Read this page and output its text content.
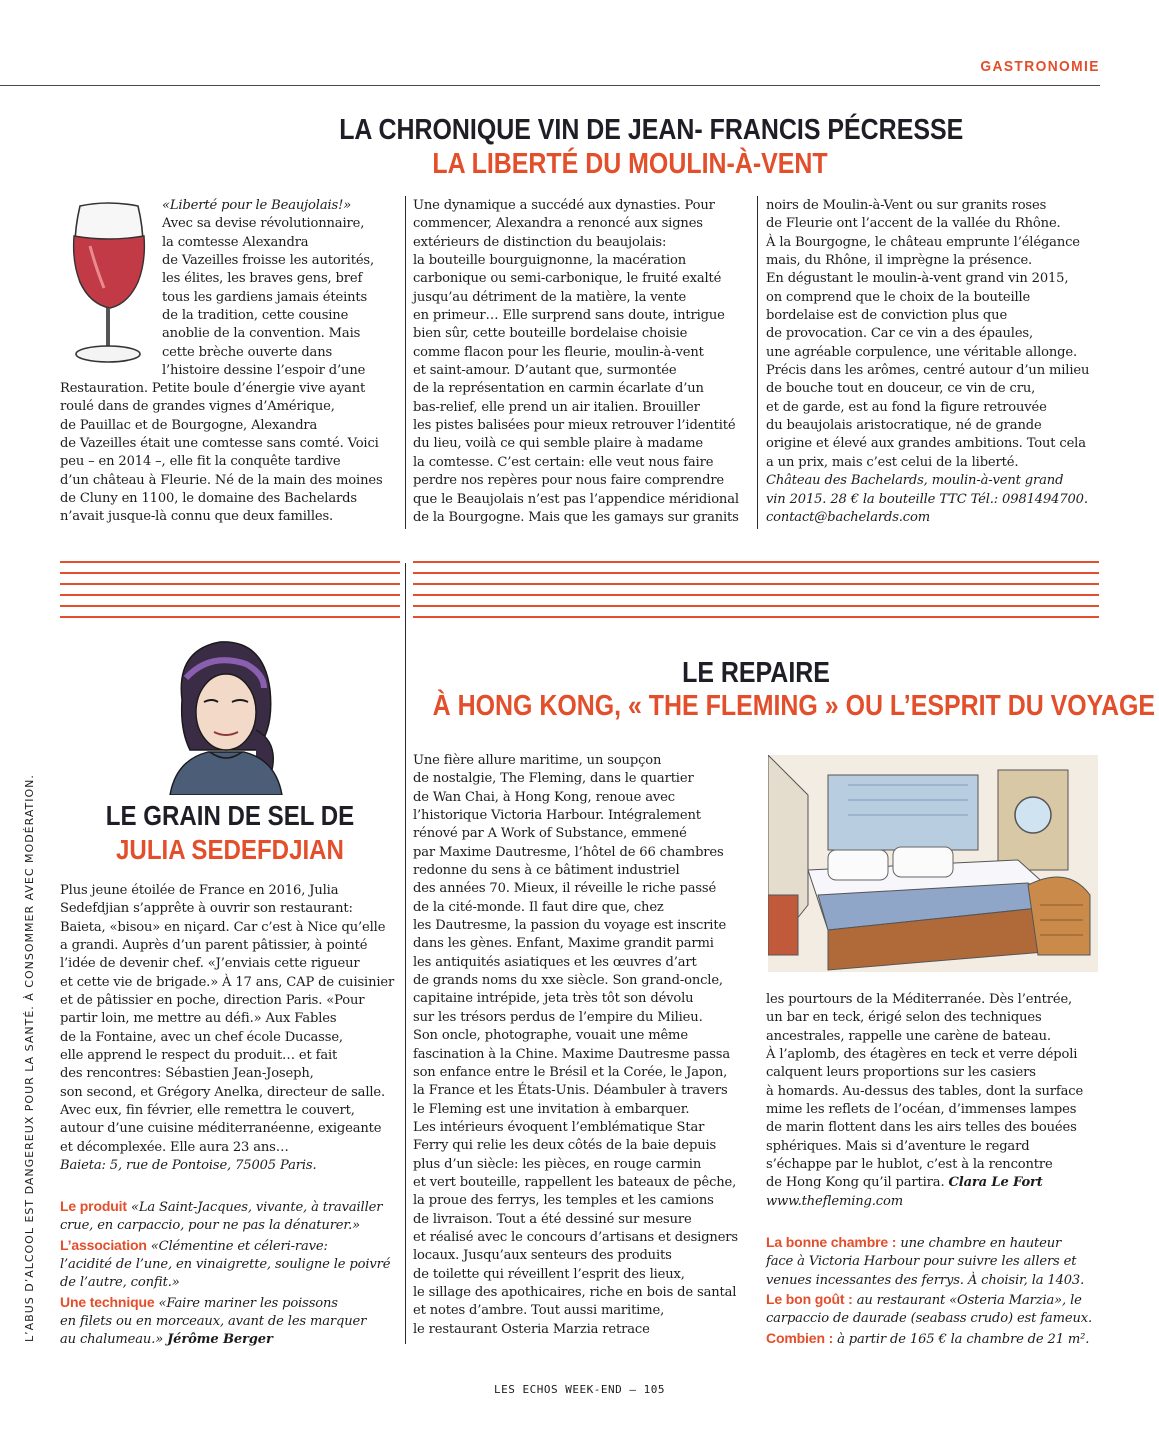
GASTRONOMIE
LA CHRONIQUE VIN DE JEAN- FRANCIS PÉCRESSE
LA LIBERTÉ DU MOULIN-À-VENT

«Liberté pour le Beaujolais!»

Avec sa devise révolutionnaire,

la comtesse Alexandra

de Vazeilles froisse les autorités,

les élites, les braves gens, bref

tous les gardiens jamais éteints

de la tradition, cette cousine

anoblie de la convention. Mais

cette brèche ouverte dans

l’histoire dessine l’espoir d’une

Restauration. Petite boule d’énergie vive ayant

roulé dans de grandes vignes d’Amérique,

de Pauillac et de Bourgogne, Alexandra

de Vazeilles était une comtesse sans comté. Voici

peu – en 2014 –, elle fit la conquête tardive

d’un château à Fleurie. Né de la main des moines

de Cluny en 1100, le domaine des Bachelards

n’avait jusque-là connu que deux familles.

Une dynamique a succédé aux dynasties. Pour

commencer, Alexandra a renoncé aux signes

extérieurs de distinction du beaujolais:

la bouteille bourguignonne, la macération

carbonique ou semi-carbonique, le fruité exalté

jusqu’au détriment de la matière, la vente

en primeur… Elle surprend sans doute, intrigue

bien sûr, cette bouteille bordelaise choisie

comme flacon pour les fleurie, moulin-à-vent

et saint-amour. D’autant que, surmontée

de la représentation en carmin écarlate d’un

bas-relief, elle prend un air italien. Brouiller

les pistes balisées pour mieux retrouver l’identité

du lieu, voilà ce qui semble plaire à madame

la comtesse. C’est certain: elle veut nous faire

perdre nos repères pour nous faire comprendre

que le Beaujolais n’est pas l’appendice méridional

de la Bourgogne. Mais que les gamays sur granits

noirs de Moulin-à-Vent ou sur granits roses

de Fleurie ont l’accent de la vallée du Rhône.

À la Bourgogne, le château emprunte l’élégance

mais, du Rhône, il imprègne la présence.

En dégustant le moulin-à-vent grand vin 2015,

on comprend que le choix de la bouteille

bordelaise est de conviction plus que

de provocation. Car ce vin a des épaules,

une agréable corpulence, une véritable allonge.

Précis dans les arômes, centré autour d’un milieu

de bouche tout en douceur, ce vin de cru,

et de garde, est au fond la figure retrouvée

du beaujolais aristocratique, né de grande

origine et élevé aux grandes ambitions. Tout cela

a un prix, mais c’est celui de la liberté.

Château des Bachelards, moulin-à-vent grand

vin 2015. 28 € la bouteille TTC Tél.: 0981494700.

contact@bachelards.com

LE GRAIN DE SEL DE
JULIA SEDEFDJIAN

Plus jeune étoilée de France en 2016, Julia

Sedefdjian s’apprête à ouvrir son restaurant:

Baieta, «bisou» en niçard. Car c’est à Nice qu’elle

a grandi. Auprès d’un parent pâtissier, à pointé

l’idée de devenir chef. «J’enviais cette rigueur

et cette vie de brigade.» À 17 ans, CAP de cuisinier

et de pâtissier en poche, direction Paris. «Pour

partir loin, me mettre au défi.» Aux Fables

de la Fontaine, avec un chef école Ducasse,

elle apprend le respect du produit… et fait

des rencontres: Sébastien Jean-Joseph,

son second, et Grégory Anelka, directeur de salle.

Avec eux, fin février, elle remettra le couvert,

autour d’une cuisine méditerranéenne, exigeante

et décomplexée. Elle aura 23 ans…

Baieta: 5, rue de Pontoise, 75005 Paris.

Le produit «La Saint-Jacques, vivante, à travailler

crue, en carpaccio, pour ne pas la dénaturer.»

L’association «Clémentine et céleri-rave:

l’acidité de l’une, en vinaigrette, souligne le poivré

de l’autre, confit.»

Une technique «Faire mariner les poissons

en filets ou en morceaux, avant de les marquer

au chalumeau.» Jérôme Berger

LE REPAIRE
À HONG KONG, « THE FLEMING » OU L’ESPRIT DU VOYAGE

Une fière allure maritime, un soupçon

de nostalgie, The Fleming, dans le quartier

de Wan Chai, à Hong Kong, renoue avec

l’historique Victoria Harbour. Intégralement

rénové par A Work of Substance, emmené

par Maxime Dautresme, l’hôtel de 66 chambres

redonne du sens à ce bâtiment industriel

des années 70. Mieux, il réveille le riche passé

de la cité-monde. Il faut dire que, chez

les Dautresme, la passion du voyage est inscrite

dans les gènes. Enfant, Maxime grandit parmi

les antiquités asiatiques et les œuvres d’art

de grands noms du xxe siècle. Son grand-oncle,

capitaine intrépide, jeta très tôt son dévolu

sur les trésors perdus de l’empire du Milieu.

Son oncle, photographe, vouait une même

fascination à la Chine. Maxime Dautresme passa

son enfance entre le Brésil et la Corée, le Japon,

la France et les États-Unis. Déambuler à travers

le Fleming est une invitation à embarquer.

Les intérieurs évoquent l’emblématique Star

Ferry qui relie les deux côtés de la baie depuis

plus d’un siècle: les pièces, en rouge carmin

et vert bouteille, rappellent les bateaux de pêche,

la proue des ferrys, les temples et les camions

de livraison. Tout a été dessiné sur mesure

et réalisé avec le concours d’artisans et designers

locaux. Jusqu’aux senteurs des produits

de toilette qui réveillent l’esprit des lieux,

le sillage des apothicaires, riche en bois de santal

et notes d’ambre. Tout aussi maritime,

le restaurant Osteria Marzia retrace

les pourtours de la Méditerranée. Dès l’entrée,

un bar en teck, érigé selon des techniques

ancestrales, rappelle une carène de bateau.

À l’aplomb, des étagères en teck et verre dépoli

calquent leurs proportions sur les casiers

à homards. Au-dessus des tables, dont la surface

mime les reflets de l’océan, d’immenses lampes

de marin flottent dans les airs telles des bouées

sphériques. Mais si d’aventure le regard

s’échappe par le hublot, c’est à la rencontre

de Hong Kong qu’il partira. Clara Le Fort

www.thefleming.com

La bonne chambre : une chambre en hauteur

face à Victoria Harbour pour suivre les allers et

venues incessantes des ferrys. À choisir, la 1403.

Le bon goût : au restaurant «Osteria Marzia», le

carpaccio de daurade (seabass crudo) est fameux.

Combien : à partir de 165 € la chambre de 21 m².

L’ABUS D’ALCOOL EST DANGEREUX POUR LA SANTÉ. À CONSOMMER AVEC MODÉRATION.
LES ECHOS WEEK-END – 105
